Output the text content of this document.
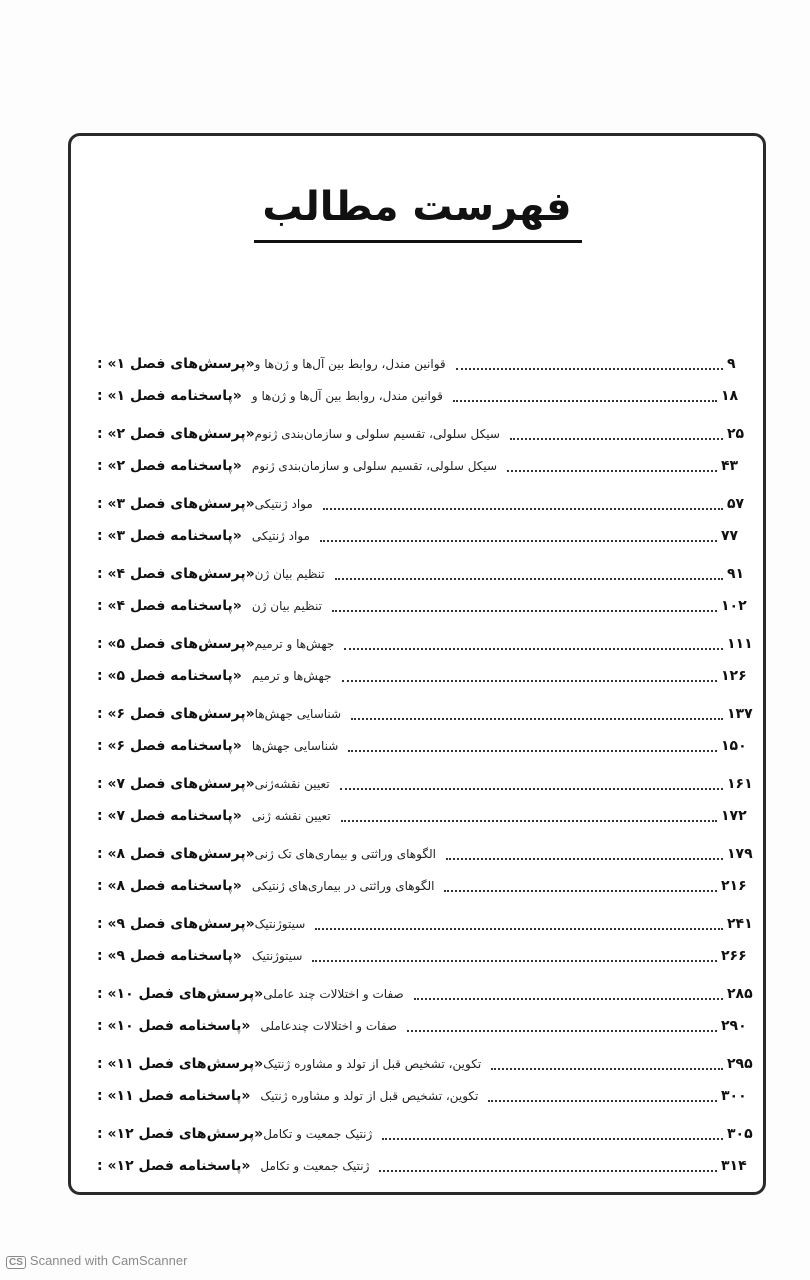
فهرست مطالب
«پرسش‌های فصل ۱» : قوانین مندل، روابط بین آل‌ها و ژن‌ها و	۹
«پاسخنامه فصل ۱» : قوانین مندل، روابط بین آل‌ها و ژن‌ها و	۱۸
«پرسش‌های فصل ۲» : سیکل سلولی، تقسیم سلولی و سازمان‌بندی ژنوم	۲۵
«پاسخنامه فصل ۲» : سیکل سلولی، تقسیم سلولی و سازمان‌بندی ژنوم	۴۳
«پرسش‌های فصل ۳» : مواد ژنتیکی	۵۷
«پاسخنامه فصل ۳» : مواد ژنتیکی	۷۷
«پرسش‌های فصل ۴» : تنظیم بیان ژن	۹۱
«پاسخنامه فصل ۴» : تنظیم بیان ژن	۱۰۲
«پرسش‌های فصل ۵» : جهش‌ها و ترمیم	۱۱۱
«پاسخنامه فصل ۵» : جهش‌ها و ترمیم	۱۲۶
«پرسش‌های فصل ۶» : شناسایی جهش‌ها	۱۳۷
«پاسخنامه فصل ۶» : شناسایی جهش‌ها	۱۵۰
«پرسش‌های فصل ۷» : تعیین نقشه‌ژنی	۱۶۱
«پاسخنامه فصل ۷» : تعیین نقشه ژنی	۱۷۲
«پرسش‌های فصل ۸» : الگوهای وراثتی و بیماری‌های تک ژنی	۱۷۹
«پاسخنامه فصل ۸» : الگوهای وراثتی در بیماری‌های ژنتیکی	۲۱۶
«پرسش‌های فصل ۹» : سیتوژنتیک	۲۴۱
«پاسخنامه فصل ۹» : سیتوژنتیک	۲۶۶
«پرسش‌های فصل ۱۰» : صفات و اختلالات چند عاملی	۲۸۵
«پاسخنامه فصل ۱۰» : صفات و اختلالات چندعاملی	۲۹۰
«پرسش‌های فصل ۱۱» : تکوین، تشخیص قبل از تولد و مشاوره ژنتیک	۲۹۵
«پاسخنامه فصل ۱۱» : تکوین، تشخیص قبل از تولد و مشاوره ژنتیک	۳۰۰
«پرسش‌های فصل ۱۲» : ژنتیک جمعیت و تکامل	۳۰۵
«پاسخنامه فصل ۱۲» : ژنتیک جمعیت و تکامل	۳۱۴
CS Scanned with CamScanner
